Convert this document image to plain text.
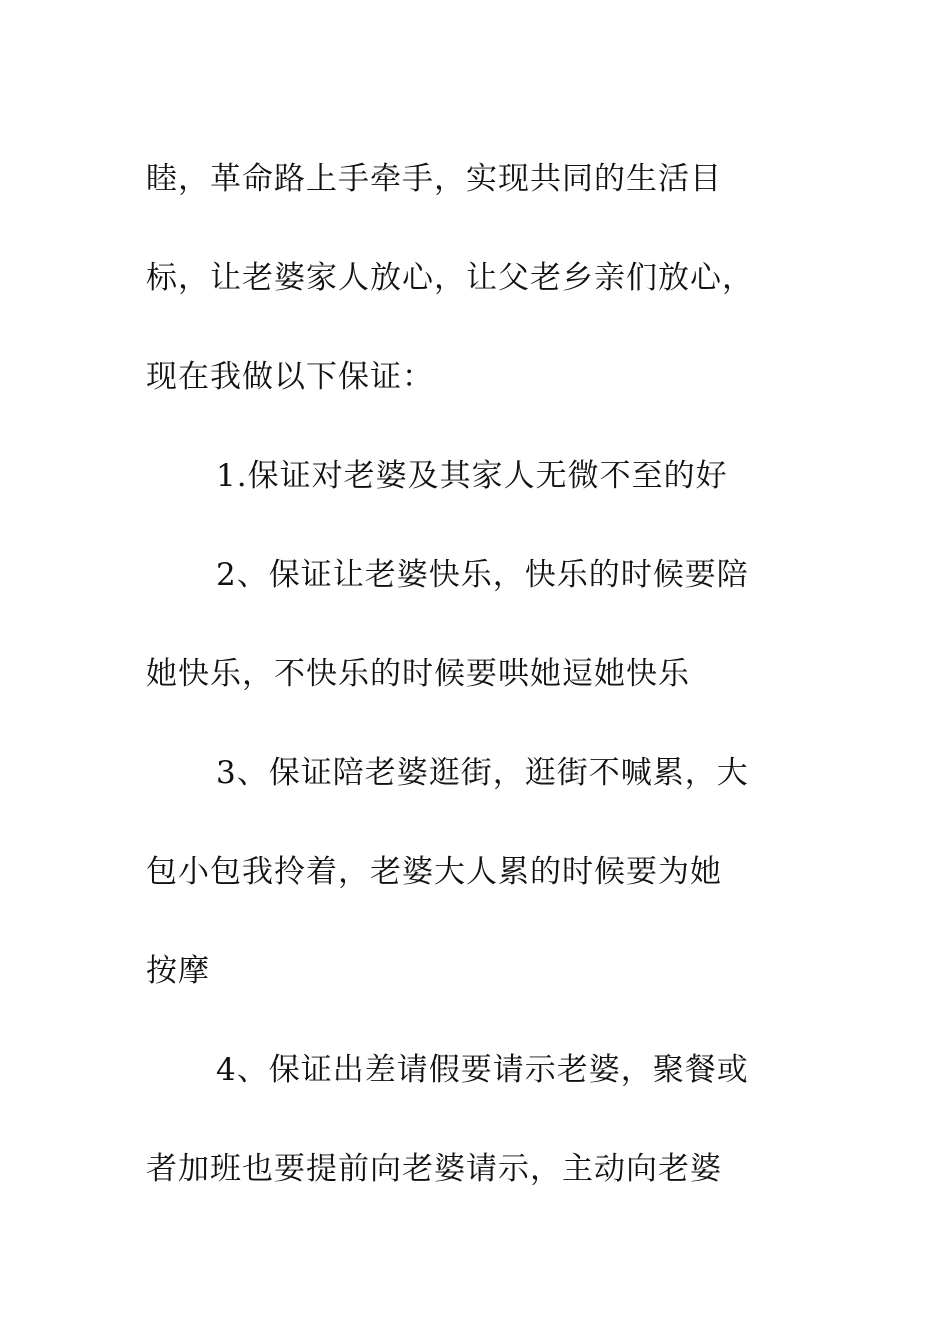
睦，革命路上手牵手，实现共同的生活目
标，让老婆家人放心，让父老乡亲们放心，
现在我做以下保证：
1.保证对老婆及其家人无微不至的好
2、保证让老婆快乐，快乐的时候要陪
她快乐，不快乐的时候要哄她逗她快乐
3、保证陪老婆逛街，逛街不喊累，大
包小包我拎着，老婆大人累的时候要为她
按摩
4、保证出差请假要请示老婆，聚餐或
者加班也要提前向老婆请示，主动向老婆
